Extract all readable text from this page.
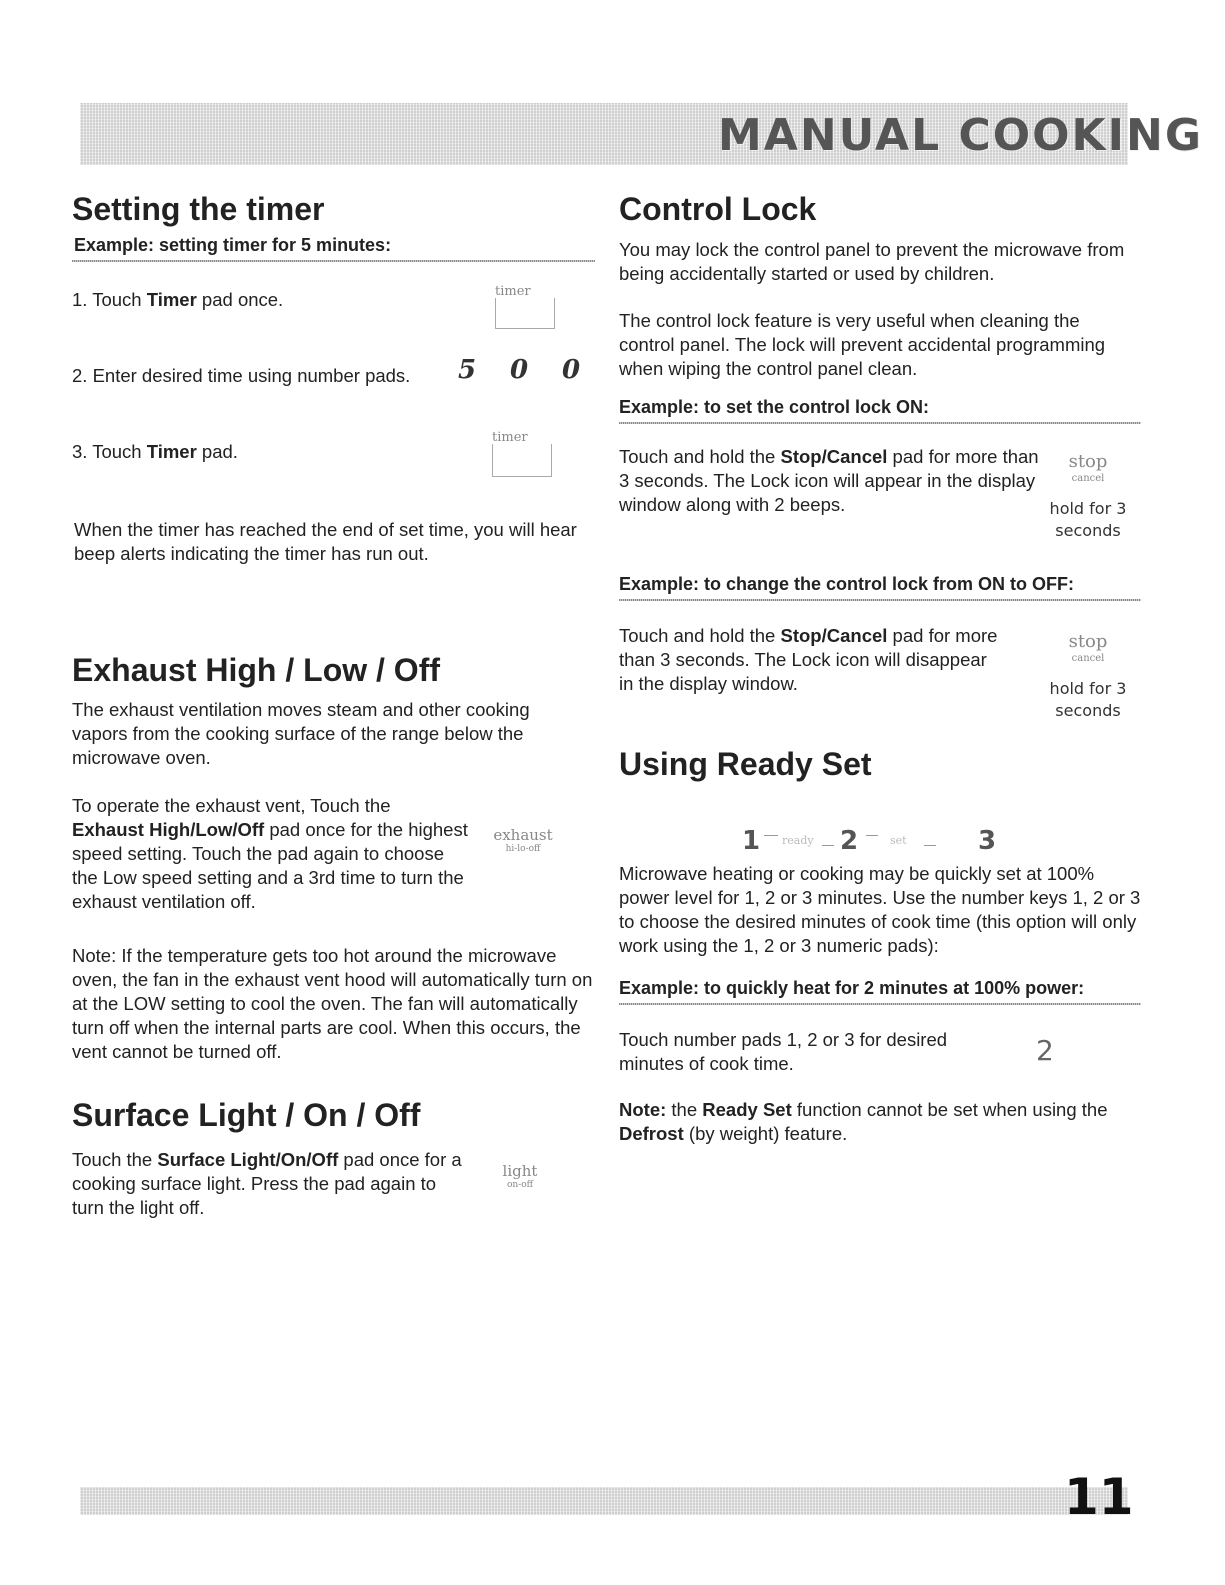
MANUAL COOKING
Setting the timer
Example: setting timer for 5 minutes:
1. Touch Timer pad once.	timer
2. Enter desired time using number pads. 5 0 0
3. Touch Timer pad.
timer
When the timer has reached the end of set time, you will hear beep alerts indicating the timer has run out.
Exhaust High / Low / Off
The exhaust ventilation moves steam and other cooking vapors from the cooking surface of the range below the microwave oven.
To operate the exhaust vent, Touch the
Exhaust High/Low/Off pad once for the highest speed setting. Touch the pad again to choose the Low speed setting and a 3rd time to turn the exhaust ventilation off.
exhaust
hi-lo-off
Note: If the temperature gets too hot around the microwave oven, the fan in the exhaust vent hood will automatically turn on at the LOW setting to cool the oven. The fan will automatically turn off when the internal parts are cool. When this occurs, the vent cannot be turned off.
Surface Light / On / Off
Touch the Surface Light/On/Off pad once for a cooking surface light. Press the pad again to turn the light off.
light
on-off
Control Lock
You may lock the control panel to prevent the microwave from being accidentally started or used by children.
The control lock feature is very useful when cleaning the control panel. The lock will prevent accidental programming when wiping the control panel clean.
Example: to set the control lock ON:
Touch and hold the Stop/Cancel pad for more than 3 seconds. The Lock icon will appear in the display window along with 2 beeps.
stop
cancel
hold for 3
seconds
Example: to change the control lock from ON to OFF:
Touch and hold the Stop/Cancel pad for more than 3 seconds. The Lock icon will disappear in the display window.
stop
cancel
hold for 3
seconds
Using Ready Set
1 ready 2	set	3
Microwave heating or cooking may be quickly set at 100% power level for 1, 2 or 3 minutes. Use the number keys 1, 2 or 3 to choose the desired minutes of cook time (this option will only work using the 1, 2 or 3 numeric pads):
Example: to quickly heat for 2 minutes at 100% power:
Touch number pads 1, 2 or 3 for desired minutes of cook time.	2
Note: the Ready Set function cannot be set when using the Defrost (by weight) feature.
11
